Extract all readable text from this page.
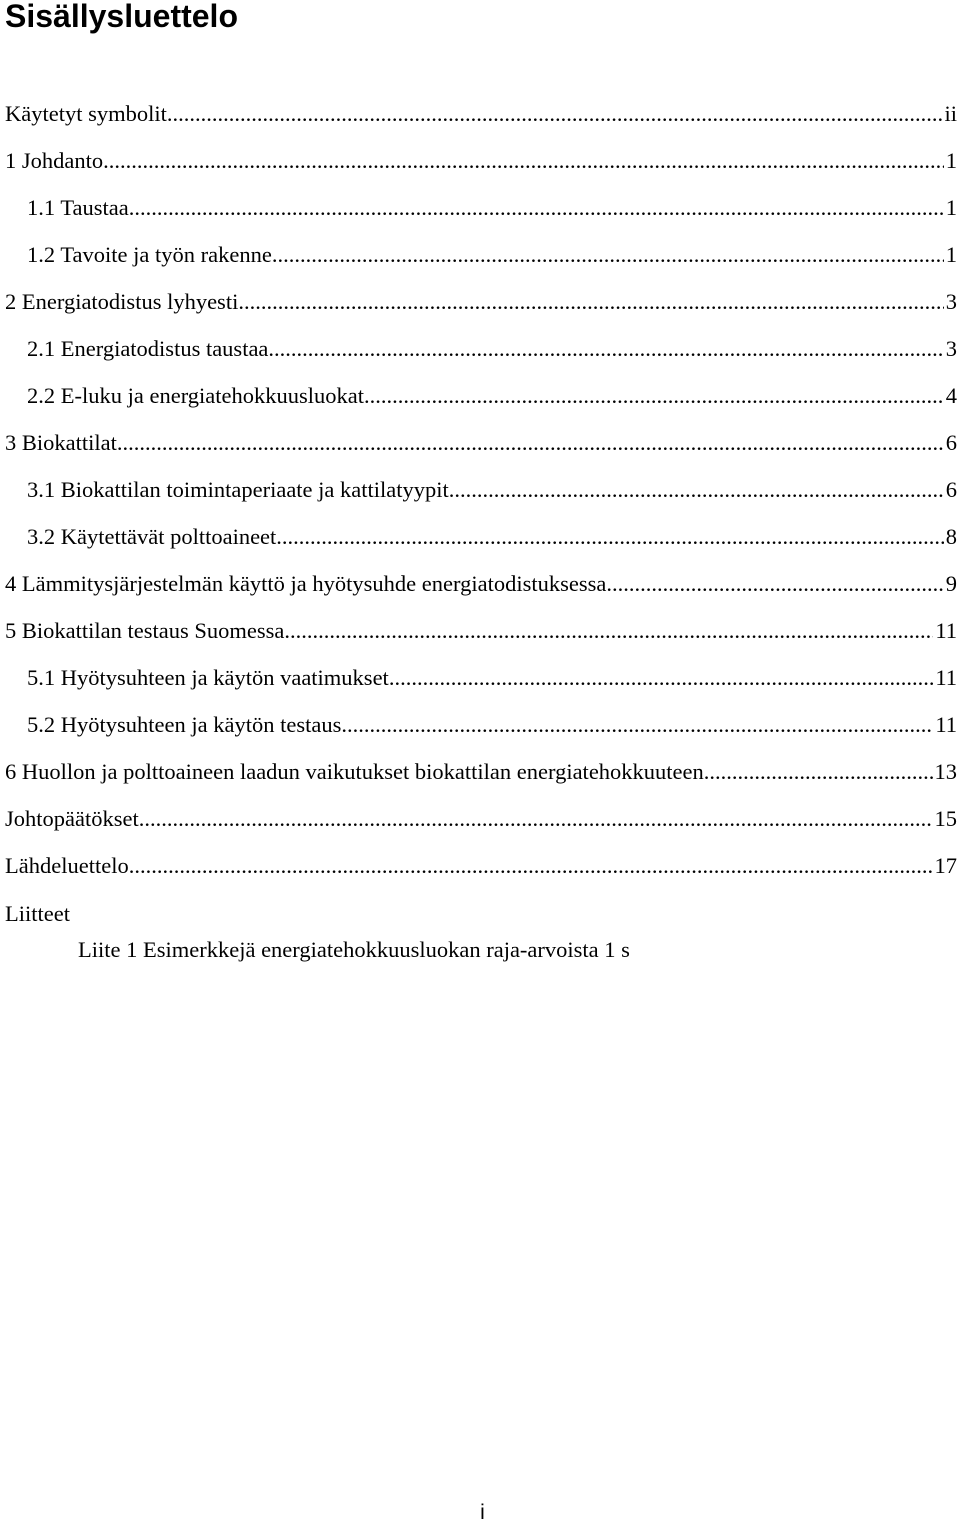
Sisällysluettelo
Käytetyt symbolit .....	ii
1 Johdanto .....	1
1.1 Taustaa .....	1
1.2 Tavoite ja työn rakenne .....	1
2 Energiatodistus lyhyesti .....	3
2.1 Energiatodistus taustaa .....	3
2.2 E-luku ja energiatehokkuusluokat .....	4
3 Biokattilat .....	6
3.1 Biokattilan toimintaperiaate ja kattilatyypit .....	6
3.2 Käytettävät polttoaineet .....	8
4 Lämmitysjärjestelmän käyttö ja hyötysuhde energiatodistuksessa .....	9
5 Biokattilan testaus Suomessa .....	11
5.1 Hyötysuhteen ja käytön vaatimukset .....	11
5.2 Hyötysuhteen ja käytön testaus .....	11
6 Huollon ja polttoaineen laadun vaikutukset biokattilan energiatehokkuuteen .....	13
Johtopäätökset .....	15
Lähdeluettelo .....	17
Liitteet
Liite 1 Esimerkkejä energiatehokkuusluokan raja-arvoista 1 s
i
